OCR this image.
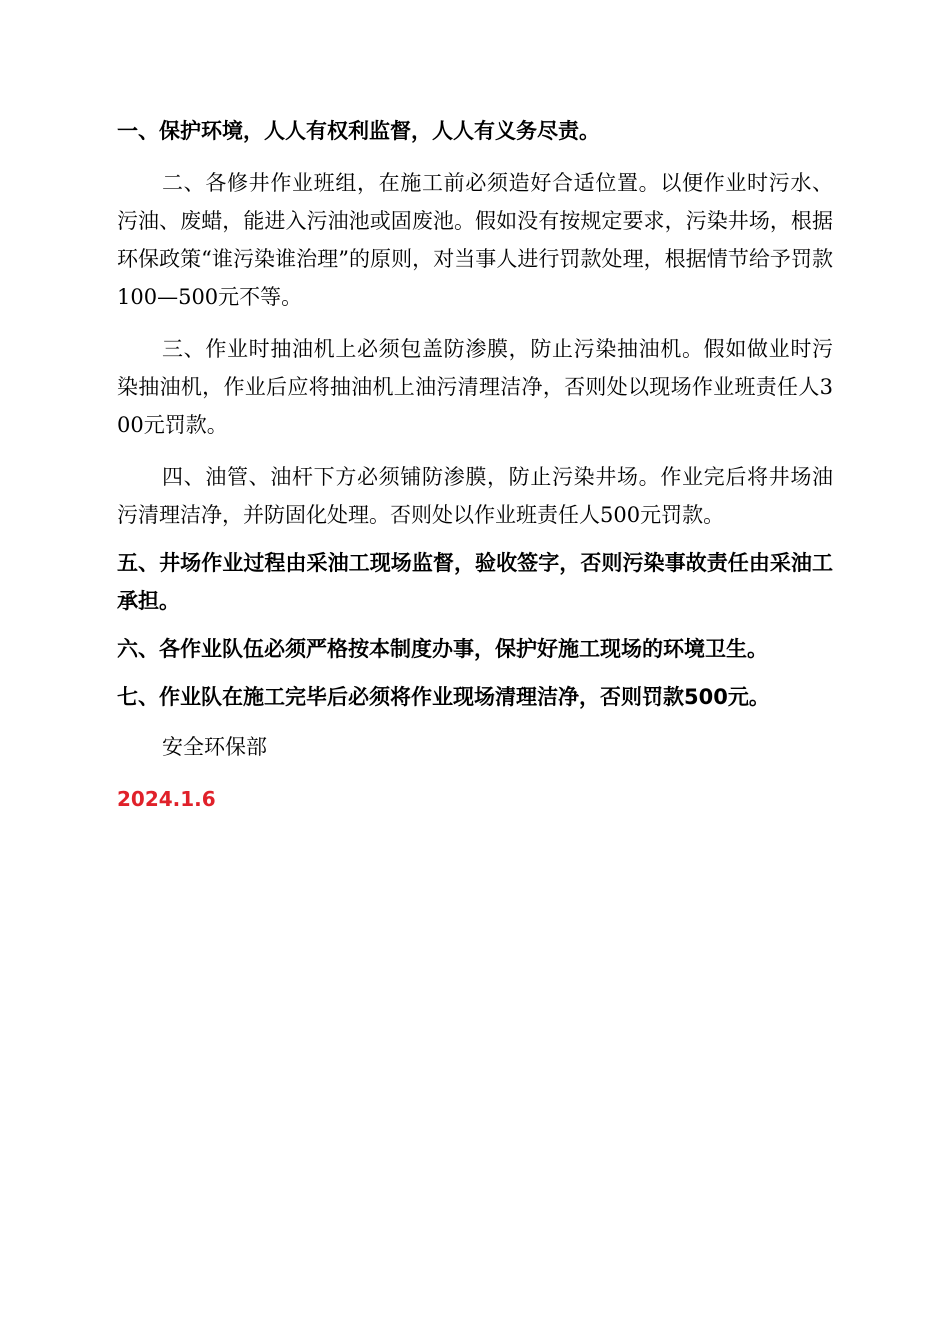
一、保护环境，人人有权利监督，人人有义务尽责。

二、各修井作业班组，在施工前必须造好合适位置。以便作业时污水、污油、废蜡，能进入污油池或固废池。假如没有按规定要求，污染井场，根据环保政策“谁污染谁治理”的原则，对当事人进行罚款处理，根据情节给予罚款100—500元不等。

三、作业时抽油机上必须包盖防渗膜，防止污染抽油机。假如做业时污染抽油机，作业后应将抽油机上油污清理洁净，否则处以现场作业班责任人300元罚款。

四、油管、油杆下方必须铺防渗膜，防止污染井场。作业完后将井场油污清理洁净，并防固化处理。否则处以作业班责任人500元罚款。

五、井场作业过程由采油工现场监督，验收签字，否则污染事故责任由采油工承担。

六、各作业队伍必须严格按本制度办事，保护好施工现场的环境卫生。

七、作业队在施工完毕后必须将作业现场清理洁净，否则罚款500元。

安全环保部
2024.1.6
